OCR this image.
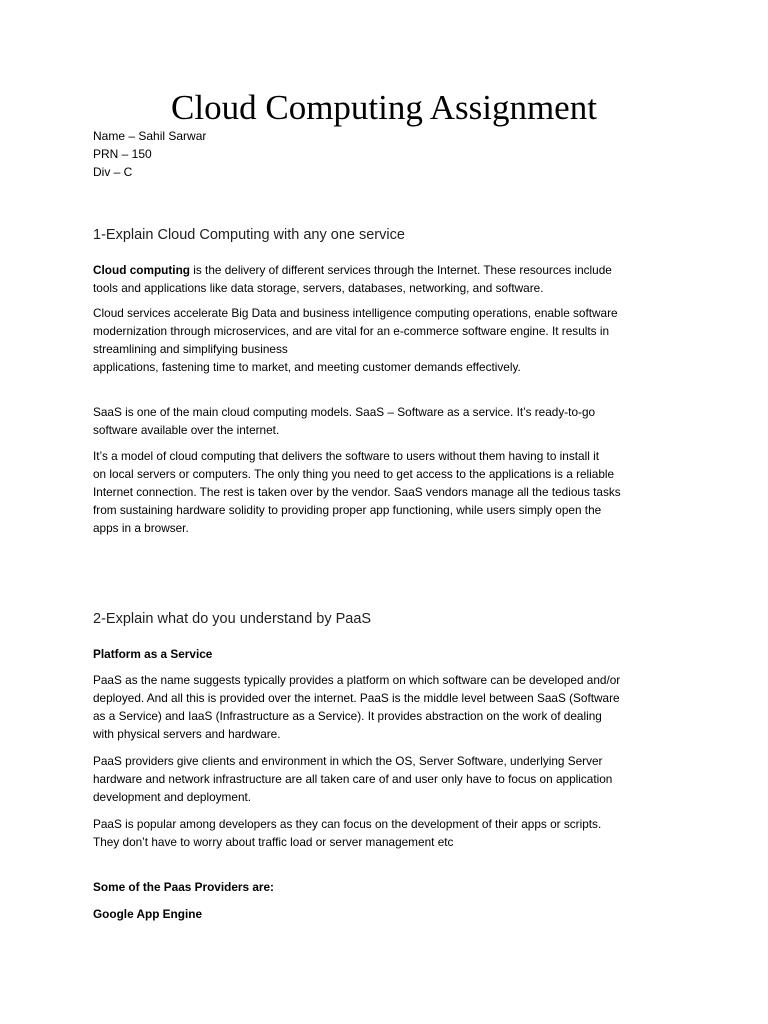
Cloud Computing Assignment
Name – Sahil Sarwar
PRN – 150
Div – C
1-Explain Cloud Computing with any one service
Cloud computing is the delivery of different services through the Internet. These resources include
tools and applications like data storage, servers, databases, networking, and software.
Cloud services accelerate Big Data and business intelligence computing operations, enable software
modernization through microservices, and are vital for an e-commerce software engine. It results in
streamlining and simplifying business
applications, fastening time to market, and meeting customer demands effectively.
SaaS is one of the main cloud computing models. SaaS – Software as a service. It’s ready-to-go
software available over the internet.
It’s a model of cloud computing that delivers the software to users without them having to install it
on local servers or computers. The only thing you need to get access to the applications is a reliable
Internet connection. The rest is taken over by the vendor. SaaS vendors manage all the tedious tasks
from sustaining hardware solidity to providing proper app functioning, while users simply open the
apps in a browser.
2-Explain what do you understand by PaaS
Platform as a Service
PaaS as the name suggests typically provides a platform on which software can be developed and/or
deployed. And all this is provided over the internet. PaaS is the middle level between SaaS (Software
as a Service) and IaaS (Infrastructure as a Service). It provides abstraction on the work of dealing
with physical servers and hardware.
PaaS providers give clients and environment in which the OS, Server Software, underlying Server
hardware and network infrastructure are all taken care of and user only have to focus on application
development and deployment.
PaaS is popular among developers as they can focus on the development of their apps or scripts.
They don’t have to worry about traffic load or server management etc
Some of the Paas Providers are:
Google App Engine
